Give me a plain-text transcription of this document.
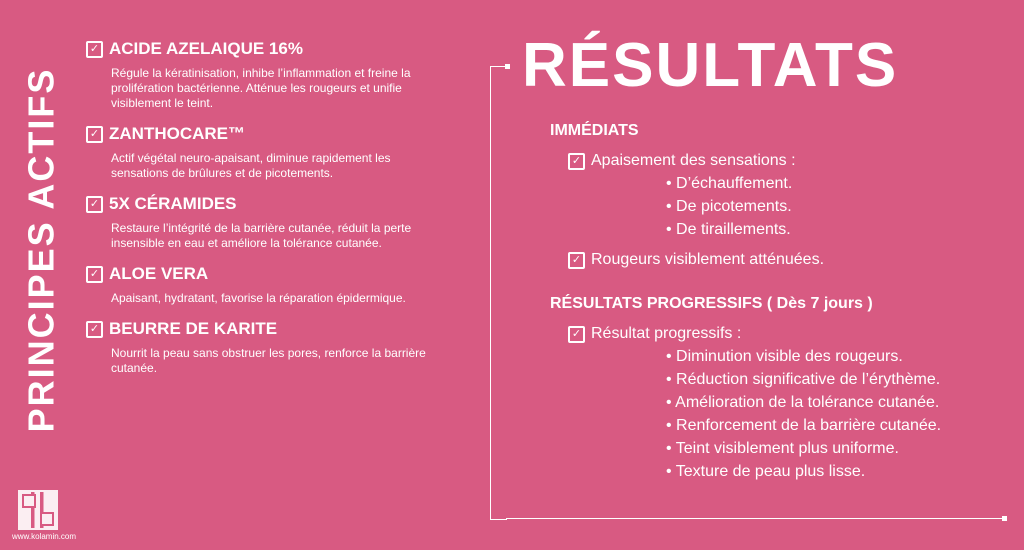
PRINCIPES ACTIFS
www.kolamin.com
✓ ACIDE AZELAIQUE 16%
Régule la kératinisation, inhibe l’inflammation et freine la prolifération bactérienne. Atténue les rougeurs et unifie visiblement le teint.
✓ ZANTHOCARE™
Actif végétal neuro-apaisant, diminue rapidement les sensations de brûlures et de picotements.
✓ 5X CÉRAMIDES
Restaure l’intégrité de la barrière cutanée, réduit la perte insensible en eau et améliore la tolérance cutanée.
✓ ALOE VERA
Apaisant, hydratant, favorise la réparation épidermique.
✓ BEURRE DE KARITE
Nourrit la peau sans obstruer les pores, renforce la barrière cutanée.
RÉSULTATS
IMMÉDIATS
✓ Apaisement des sensations :
• D’échauffement.
• De picotements.
• De tiraillements.
✓ Rougeurs visiblement atténuées.
RÉSULTATS PROGRESSIFS ( Dès 7 jours )
✓ Résultat progressifs :
• Diminution visible des rougeurs.
• Réduction significative de l’érythème.
• Amélioration de la tolérance cutanée.
• Renforcement de la barrière cutanée.
• Teint visiblement plus uniforme.
• Texture de peau plus lisse.
